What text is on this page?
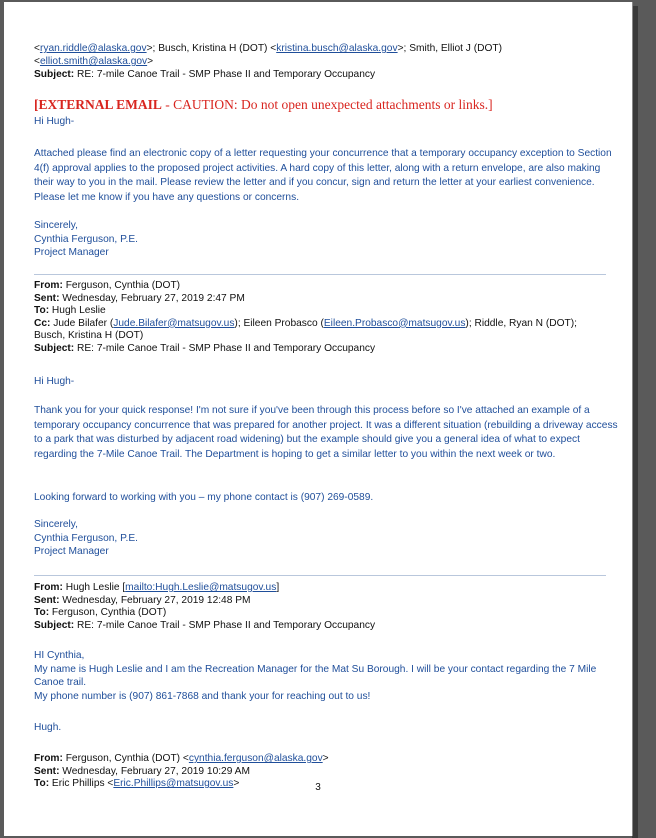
<ryan.riddle@alaska.gov>; Busch, Kristina H (DOT) <kristina.busch@alaska.gov>; Smith, Elliot J (DOT)

<elliot.smith@alaska.gov>

Subject: RE: 7-mile Canoe Trail - SMP Phase II and Temporary Occupancy

[EXTERNAL EMAIL - CAUTION: Do not open unexpected attachments or links.]
Hi Hugh-
Attached please find an electronic copy of a letter requesting your concurrence that a temporary occupancy exception to Section 4(f) approval applies to the proposed project activities. A hard copy of this letter, along with a return envelope, are also making their way to you in the mail. Please review the letter and if you concur, sign and return the letter at your earliest convenience. Please let me know if you have any questions or concerns.

Sincerely,

Cynthia Ferguson, P.E.

Project Manager

From: Ferguson, Cynthia (DOT)

Sent: Wednesday, February 27, 2019 2:47 PM

To: Hugh Leslie

Cc: Jude Bilafer (Jude.Bilafer@matsugov.us); Eileen Probasco (Eileen.Probasco@matsugov.us); Riddle, Ryan N (DOT);

Busch, Kristina H (DOT)

Subject: RE: 7-mile Canoe Trail - SMP Phase II and Temporary Occupancy

Hi Hugh-
Thank you for your quick response! I'm not sure if you've been through this process before so I've attached an example of a temporary occupancy concurrence that was prepared for another project. It was a different situation (rebuilding a driveway access to a park that was disturbed by adjacent road widening) but the example should give you a general idea of what to expect regarding the 7-Mile Canoe Trail. The Department is hoping to get a similar letter to you within the next week or two.
Looking forward to working with you – my phone contact is (907) 269-0589.

Sincerely,

Cynthia Ferguson, P.E.

Project Manager

From: Hugh Leslie [mailto:Hugh.Leslie@matsugov.us]

Sent: Wednesday, February 27, 2019 12:48 PM

To: Ferguson, Cynthia (DOT)

Subject: RE: 7-mile Canoe Trail - SMP Phase II and Temporary Occupancy

HI Cynthia,

My name is Hugh Leslie and I am the Recreation Manager for the Mat Su Borough. I will be your contact regarding the 7 Mile Canoe trail.

My phone number is (907) 861-7868 and thank your for reaching out to us!

Hugh.

From: Ferguson, Cynthia (DOT) <cynthia.ferguson@alaska.gov>

Sent: Wednesday, February 27, 2019 10:29 AM

To: Eric Phillips <Eric.Phillips@matsugov.us>	3
